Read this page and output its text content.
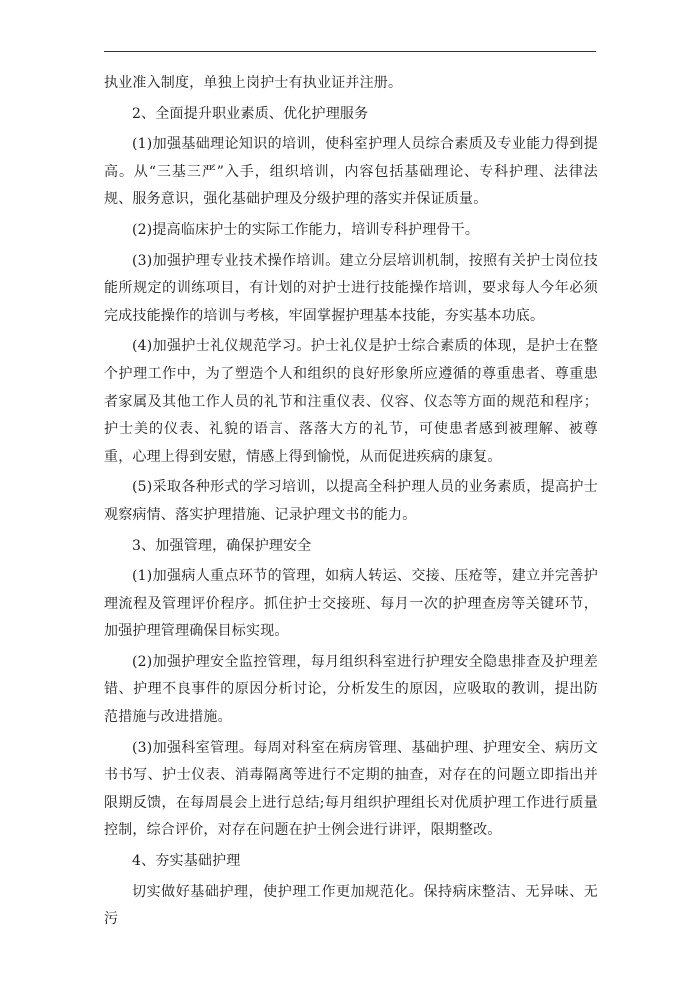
执业准入制度，单独上岗护士有执业证并注册。

2、全面提升职业素质、优化护理服务

(1)加强基础理论知识的培训，使科室护理人员综合素质及专业能力得到提高。从“三基三严”入手，组织培训，内容包括基础理论、专科护理、法律法规、服务意识，强化基础护理及分级护理的落实并保证质量。

(2)提高临床护士的实际工作能力，培训专科护理骨干。

(3)加强护理专业技术操作培训。建立分层培训机制，按照有关护士岗位技能所规定的训练项目，有计划的对护士进行技能操作培训，要求每人今年必须完成技能操作的培训与考核，牢固掌握护理基本技能，夯实基本功底。

(4)加强护士礼仪规范学习。护士礼仪是护士综合素质的体现，是护士在整个护理工作中，为了塑造个人和组织的良好形象所应遵循的尊重患者、尊重患者家属及其他工作人员的礼节和注重仪表、仪容、仪态等方面的规范和程序；护士美的仪表、礼貌的语言、落落大方的礼节，可使患者感到被理解、被尊重，心理上得到安慰，情感上得到愉悦，从而促进疾病的康复。

(5)采取各种形式的学习培训，以提高全科护理人员的业务素质，提高护士观察病情、落实护理措施、记录护理文书的能力。

3、加强管理，确保护理安全

(1)加强病人重点环节的管理，如病人转运、交接、压疮等，建立并完善护理流程及管理评价程序。抓住护士交接班、每月一次的护理查房等关键环节，加强护理管理确保目标实现。

(2)加强护理安全监控管理，每月组织科室进行护理安全隐患排查及护理差错、护理不良事件的原因分析讨论，分析发生的原因，应吸取的教训，提出防范措施与改进措施。

(3)加强科室管理。每周对科室在病房管理、基础护理、护理安全、病历文书书写、护士仪表、消毒隔离等进行不定期的抽查，对存在的问题立即指出并限期反馈，在每周晨会上进行总结;每月组织护理组长对优质护理工作进行质量控制，综合评价，对存在问题在护士例会进行讲评，限期整改。

4、夯实基础护理

切实做好基础护理，使护理工作更加规范化。保持病床整洁、无异味、无污
